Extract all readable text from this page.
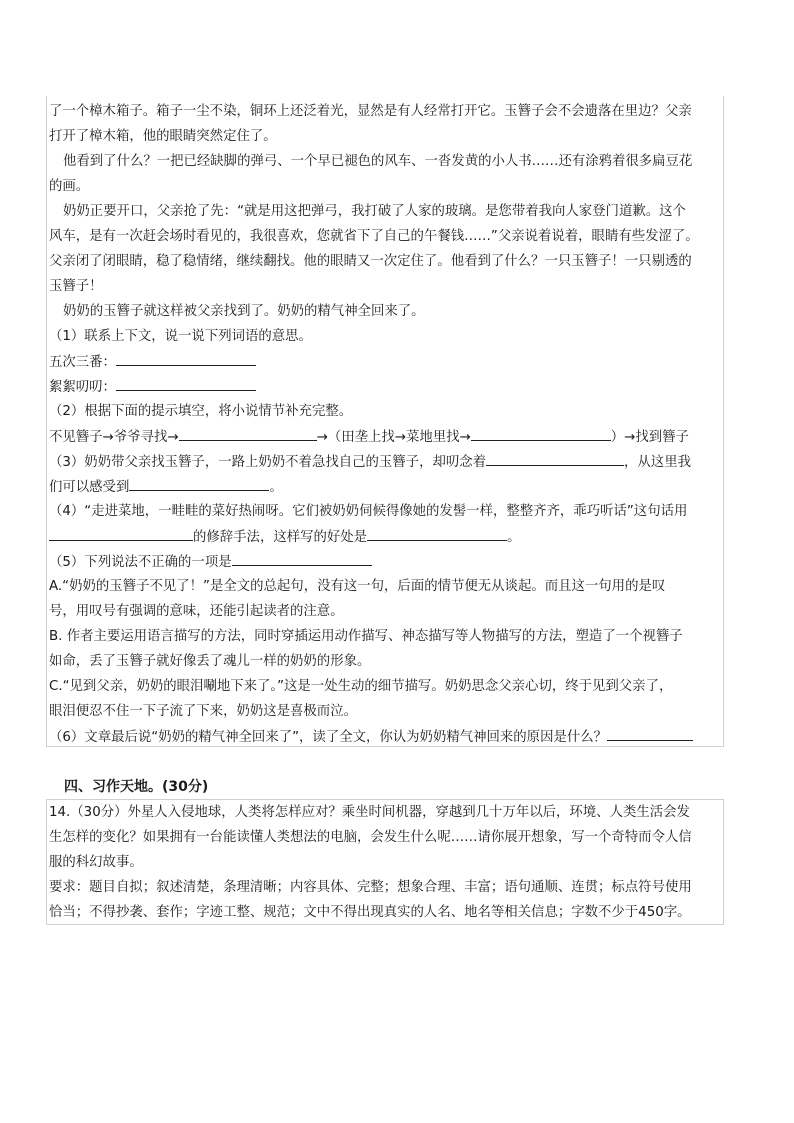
了一个樟木箱子。箱子一尘不染，铜环上还泛着光，显然是有人经常打开它。玉簪子会不会遗落在里边？父亲
打开了樟木箱，他的眼睛突然定住了。
他看到了什么？一把已经缺脚的弹弓、一个早已褪色的风车、一沓发黄的小人书……还有涂鸦着很多扁豆花
的画。
奶奶正要开口，父亲抢了先：“就是用这把弹弓，我打破了人家的玻璃。是您带着我向人家登门道歉。这个
风车，是有一次赶会场时看见的，我很喜欢，您就省下了自己的午餐钱……”父亲说着说着，眼睛有些发涩了。
父亲闭了闭眼睛，稳了稳情绪，继续翻找。他的眼睛又一次定住了。他看到了什么？一只玉簪子！一只剔透的
玉簪子！
奶奶的玉簪子就这样被父亲找到了。奶奶的精气神全回来了。
（1）联系上下文，说一说下列词语的意思。
五次三番：
絮絮叨叨：
（2）根据下面的提示填空，将小说情节补充完整。
不见簪子→爷爷寻找→	→（田垄上找→菜地里找→	）→找到簪子
（3）奶奶带父亲找玉簪子，一路上奶奶不着急找自己的玉簪子，却叨念着	，从这里我
们可以感受到	。
（4）“走进菜地，一畦畦的菜好热闹呀。它们被奶奶伺候得像她的发髻一样，整整齐齐，乖巧听话”这句话用
的修辞手法，这样写的好处是	。
（5）下列说法不正确的一项是
A.“奶奶的玉簪子不见了！”是全文的总起句，没有这一句，后面的情节便无从谈起。而且这一句用的是叹
号，用叹号有强调的意味，还能引起读者的注意。
B. 作者主要运用语言描写的方法，同时穿插运用动作描写、神态描写等人物描写的方法，塑造了一个视簪子
如命，丢了玉簪子就好像丢了魂儿一样的奶奶的形象。
C.“见到父亲，奶奶的眼泪唰地下来了。”这是一处生动的细节描写。奶奶思念父亲心切，终于见到父亲了，
眼泪便忍不住一下子流了下来，奶奶这是喜极而泣。
（6）文章最后说“奶奶的精气神全回来了”，读了全文，你认为奶奶精气神回来的原因是什么？
四、习作天地。(30分)
14.（30分）外星人入侵地球，人类将怎样应对？乘坐时间机器，穿越到几十万年以后，环境、人类生活会发
生怎样的变化？如果拥有一台能读懂人类想法的电脑，会发生什么呢……请你展开想象，写一个奇特而令人信
服的科幻故事。
要求：题目自拟；叙述清楚，条理清晰；内容具体、完整；想象合理、丰富；语句通顺、连贯；标点符号使用
恰当；不得抄袭、套作；字迹工整、规范；文中不得出现真实的人名、地名等相关信息；字数不少于450字。
